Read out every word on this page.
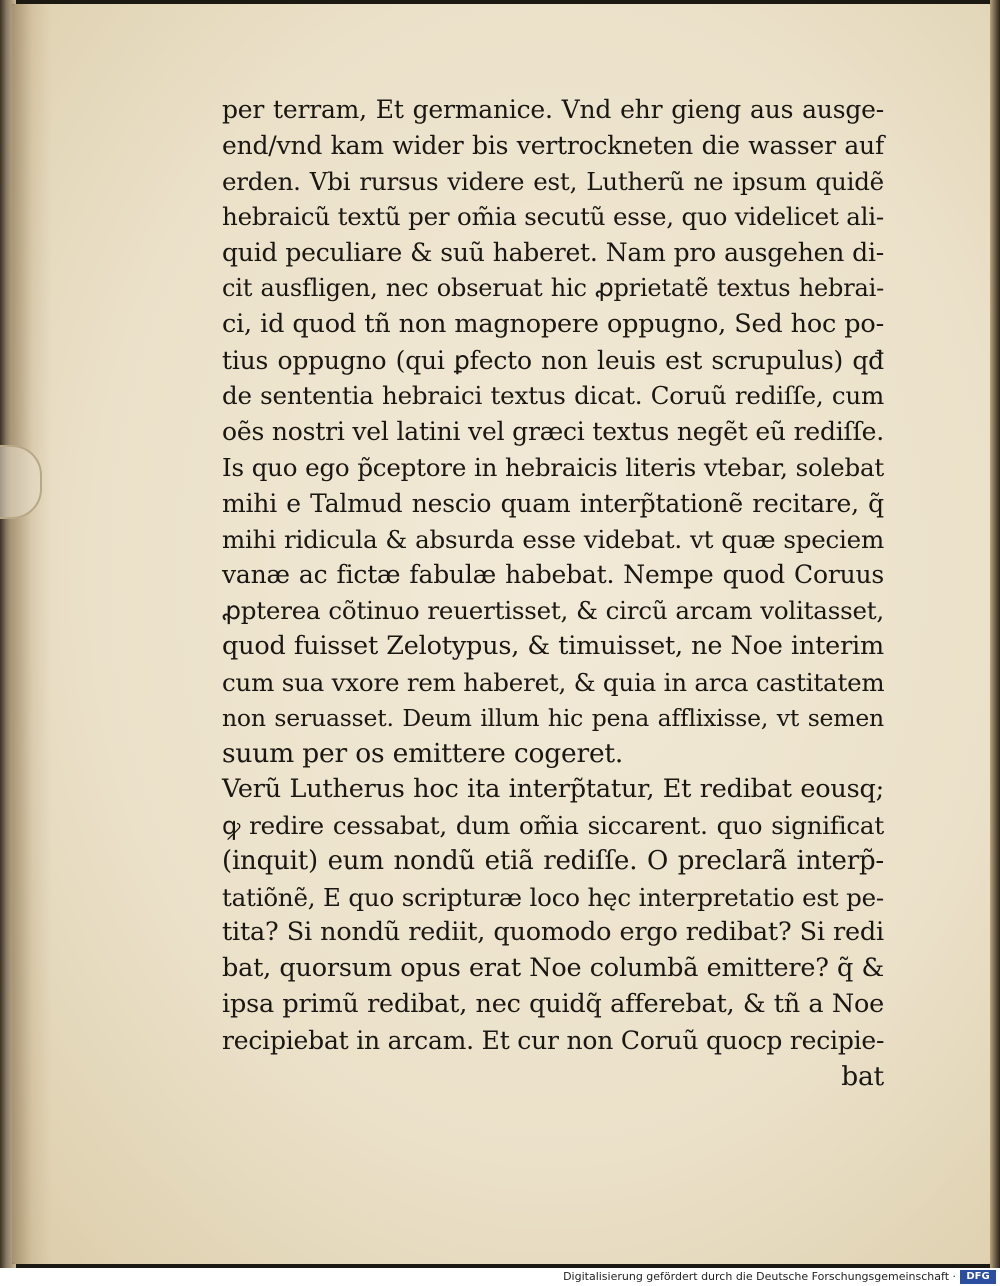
per terram, Et germanice. Vnd ehr gieng aus ausge-
end/vnd kam wider bis vertrockneten die wasser auf
erden. Vbi rursus videre est, Lutherũ ne ipsum quidẽ
hebraicũ textũ per om̃ia secutũ esse, quo videlicet ali-
quid peculiare & suũ haberet. Nam pro ausgehen di-
cit ausfligen, nec obseruat hic ꝓprietatẽ textus hebrai-
ci, id quod tñ non magnopere oppugno, Sed hoc po-
tius oppugno (qui ꝑfecto non leuis est scrupulus) qđ
de sententia hebraici textus dicat. Coruũ rediſſe, cum
oẽs nostri vel latini vel græci textus negẽt eũ rediſſe.
Is quo ego p̃ceptore in hebraicis literis vtebar, solebat
mihi e Talmud nescio quam interp̃tationẽ recitare, q̃
mihi ridicula & absurda esse videbat. vt quæ speciem
vanæ ac fictæ fabulæ habebat. Nempe quod Coruus
ꝓpterea cõtinuo reuertisset, & circũ arcam volitasset,
quod fuisset Zelotypus, & timuisset, ne Noe interim
cum sua vxore rem haberet, & quia in arca castitatem
non seruasset. Deum illum hic pena afflixisse, vt semen
suum per os emittere cogeret.
Verũ Lutherus hoc ita interp̃tatur, Et redibat eousq;
ꝙ redire cessabat, dum om̃ia siccarent. quo significat
(inquit) eum nondũ etiã rediſſe. O preclarã interp̃-
tatiõnẽ, E quo scripturæ loco hęc interpretatio est pe-
tita? Si nondũ rediit, quomodo ergo redibat? Si redi
bat, quorsum opus erat Noe columbã emittere? q̃ &
ipsa primũ redibat, nec quidq̃ afferebat, & tñ a Noe
recipiebat in arcam. Et cur non Coruũ quocp recipie-
bat
Digitalisierung gefördert durch die Deutsche Forschungsgemeinschaft ·	DFG
